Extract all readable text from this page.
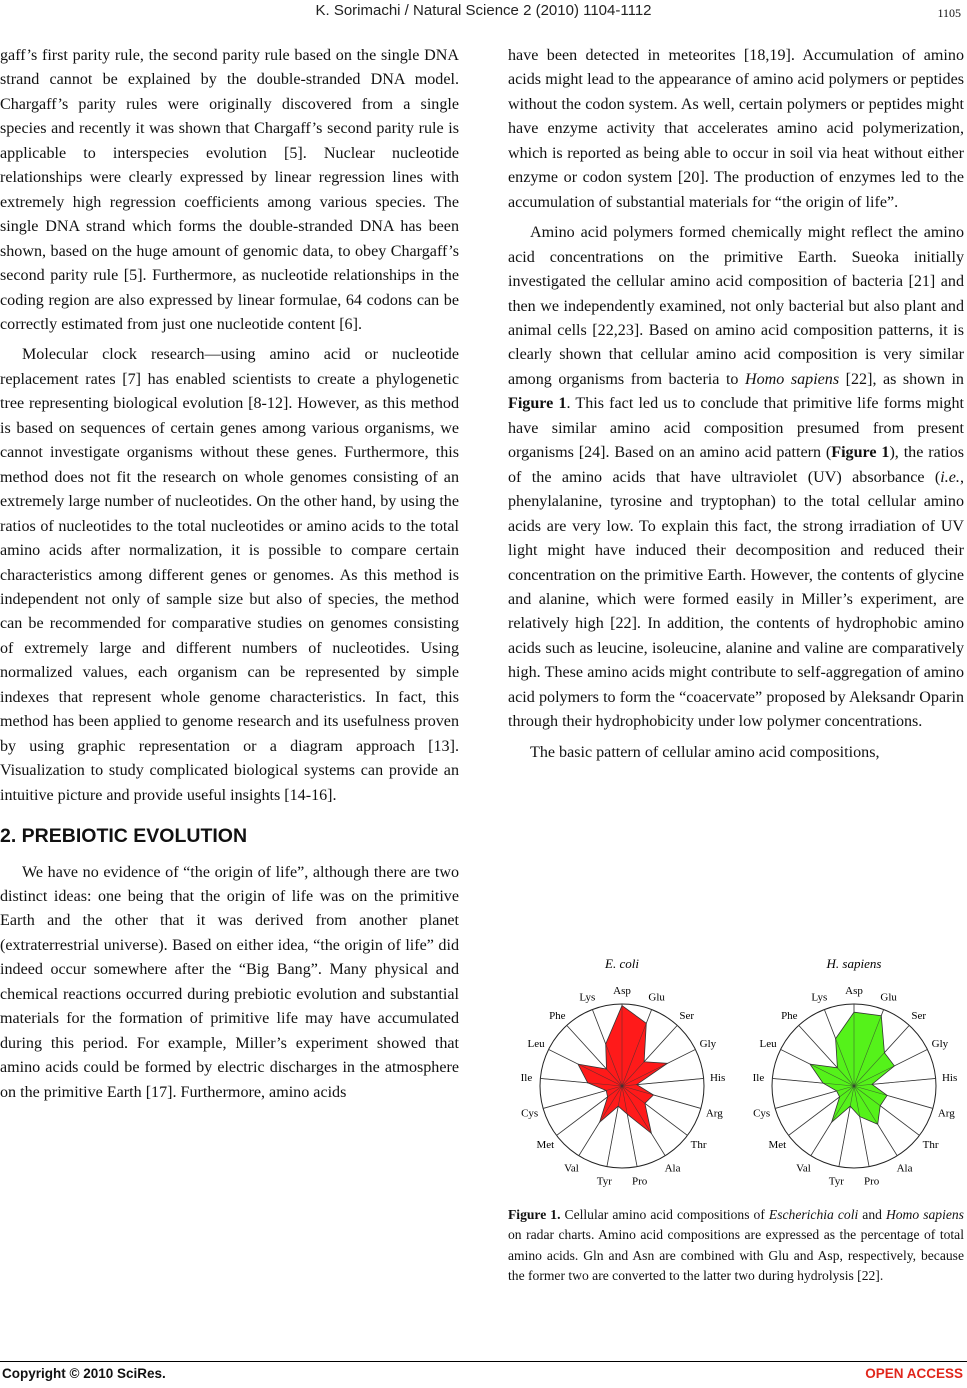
K. Sorimachi / Natural Science 2 (2010) 1104-1112	1105

gaff’s first parity rule, the second parity rule based on the single DNA strand cannot be explained by the double-stranded DNA model. Chargaff’s parity rules were originally discovered from a single species and recently it was shown that Chargaff’s second parity rule is applicable to interspecies evolution [5]. Nuclear nucleotide relationships were clearly expressed by linear regression lines with extremely high regression coefficients among various species. The single DNA strand which forms the double-stranded DNA has been shown, based on the huge amount of genomic data, to obey Chargaff’s second parity rule [5]. Furthermore, as nucleotide relationships in the coding region are also expressed by linear formulae, 64 codons can be correctly estimated from just one nucleotide content [6].

Molecular clock research—using amino acid or nucleotide replacement rates [7] has enabled scientists to create a phylogenetic tree representing biological evolution [8-12]. However, as this method is based on sequences of certain genes among various organisms, we cannot investigate organisms without these genes. Furthermore, this method does not fit the research on whole genomes consisting of an extremely large number of nucleotides. On the other hand, by using the ratios of nucleotides to the total nucleotides or amino acids to the total amino acids after normalization, it is possible to compare certain characteristics among different genes or genomes. As this method is independent not only of sample size but also of species, the method can be recommended for comparative studies on genomes consisting of extremely large and different numbers of nucleotides. Using normalized values, each organism can be represented by simple indexes that represent whole genome characteristics. In fact, this method has been applied to genome research and its usefulness proven by using graphic representation or a diagram approach [13]. Visualization to study complicated biological systems can provide an intuitive picture and provide useful insights [14-16].

2. PREBIOTIC EVOLUTION

We have no evidence of “the origin of life”, although there are two distinct ideas: one being that the origin of life was on the primitive Earth and the other that it was derived from another planet (extraterrestrial universe). Based on either idea, “the origin of life” did indeed occur somewhere after the “Big Bang”. Many physical and chemical reactions occurred during prebiotic evolution and substantial materials for the formation of primitive life may have accumulated during this period. For example, Miller’s experiment showed that amino acids could be formed by electric discharges in the atmosphere on the primitive Earth [17]. Furthermore, amino acids

have been detected in meteorites [18,19]. Accumulation of amino acids might lead to the appearance of amino acid polymers or peptides without the codon system. As well, certain polymers or peptides might have enzyme activity that accelerates amino acid polymerization, which is reported as being able to occur in soil via heat without either enzyme or codon system [20]. The production of enzymes led to the accumulation of substantial materials for “the origin of life”.

Amino acid polymers formed chemically might reflect the amino acid concentrations on the primitive Earth. Sueoka initially investigated the cellular amino acid composition of bacteria [21] and then we independently examined, not only bacterial but also plant and animal cells [22,23]. Based on amino acid composition patterns, it is clearly shown that cellular amino acid composition is very similar among organisms from bacteria to Homo sapiens [22], as shown in Figure 1. This fact led us to conclude that primitive life forms might have similar amino acid composition presumed from present organisms [24]. Based on an amino acid pattern (Figure 1), the ratios of the amino acids that have ultraviolet (UV) absorbance (i.e., phenylalanine, tyrosine and tryptophan) to the total cellular amino acids are very low. To explain this fact, the strong irradiation of UV light might have induced their decomposition and reduced their concentration on the primitive Earth. However, the contents of glycine and alanine, which were formed easily in Miller’s experiment, are relatively high [22]. In addition, the contents of hydrophobic amino acids such as leucine, isoleucine, alanine and valine are comparatively high. These amino acids might contribute to self-aggregation of amino acid polymers to form the “coacervate” proposed by Aleksandr Oparin through their hydrophobicity under low polymer concentrations.

The basic pattern of cellular amino acid compositions,

E. coli
Asp
Glu
Ser
Gly
His
Arg
Thr
Ala
Pro
Tyr
Val
Met
Cys
Ile
Leu
Phe
Lys
H. sapiens
Asp
Glu
Ser
Gly
His
Arg
Thr
Ala
Pro
Tyr
Val
Met
Cys
Ile
Leu
Phe
Lys
Figure 1. Cellular amino acid compositions of Escherichia coli and Homo sapiens on radar charts. Amino acid compositions are expressed as the percentage of total amino acids. Gln and Asn are combined with Glu and Asp, respectively, because the former two are converted to the latter two during hydrolysis [22].
Copyright © 2010 SciRes.	OPEN ACCESS
